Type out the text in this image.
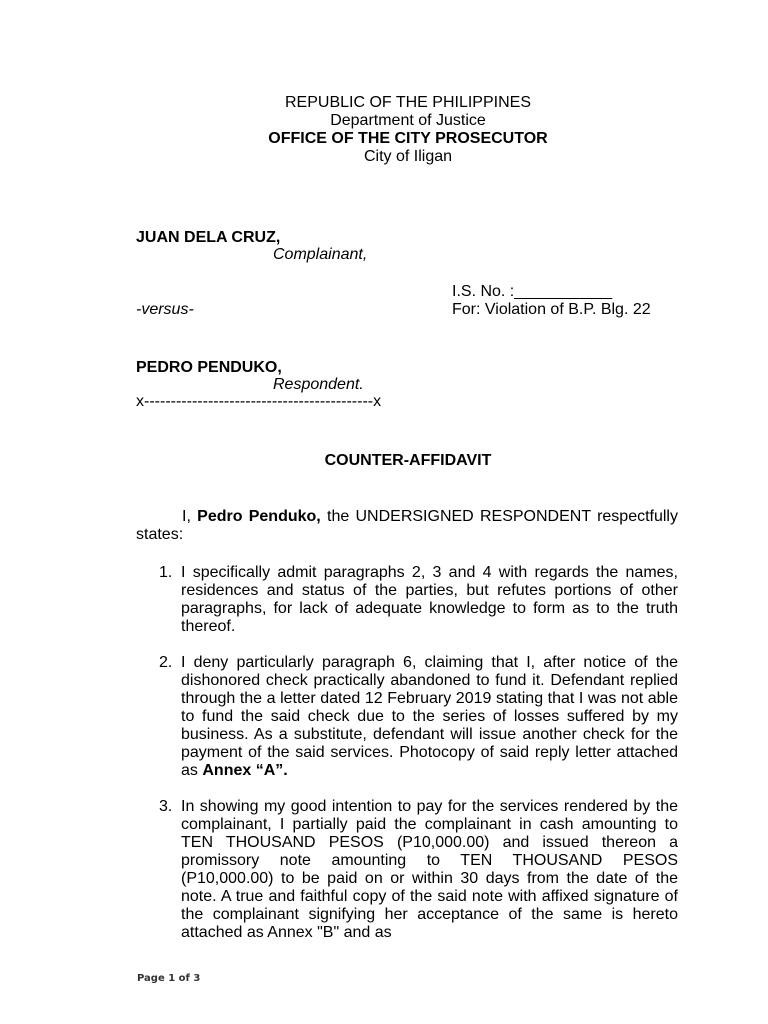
REPUBLIC OF THE PHILIPPINES
Department of Justice
OFFICE OF THE CITY PROSECUTOR
City of Iligan
JUAN DELA CRUZ,
Complainant,
I.S. No. :___________
-versus-	For: Violation of B.P. Blg. 22
PEDRO PENDUKO,
Respondent.
x-------------------------------------------x
COUNTER-AFFIDAVIT
I, Pedro Penduko, the UNDERSIGNED RESPONDENT respectfully states:
1. I specifically admit paragraphs 2, 3 and 4 with regards the names, residences and status of the parties, but refutes portions of other paragraphs, for lack of adequate knowledge to form as to the truth thereof.
2. I deny particularly paragraph 6, claiming that I, after notice of the dishonored check practically abandoned to fund it. Defendant replied through the a letter dated 12 February 2019 stating that I was not able to fund the said check due to the series of losses suffered by my business. As a substitute, defendant will issue another check for the payment of the said services. Photocopy of said reply letter attached as Annex “A”.
3. In showing my good intention to pay for the services rendered by the complainant, I partially paid the complainant in cash amounting to TEN THOUSAND PESOS (P10,000.00) and issued thereon a promissory note amounting to TEN THOUSAND PESOS (P10,000.00) to be paid on or within 30 days from the date of the note. A true and faithful copy of the said note with affixed signature of the complainant signifying her acceptance of the same is hereto attached as Annex "B" and as
Page 1 of 3
